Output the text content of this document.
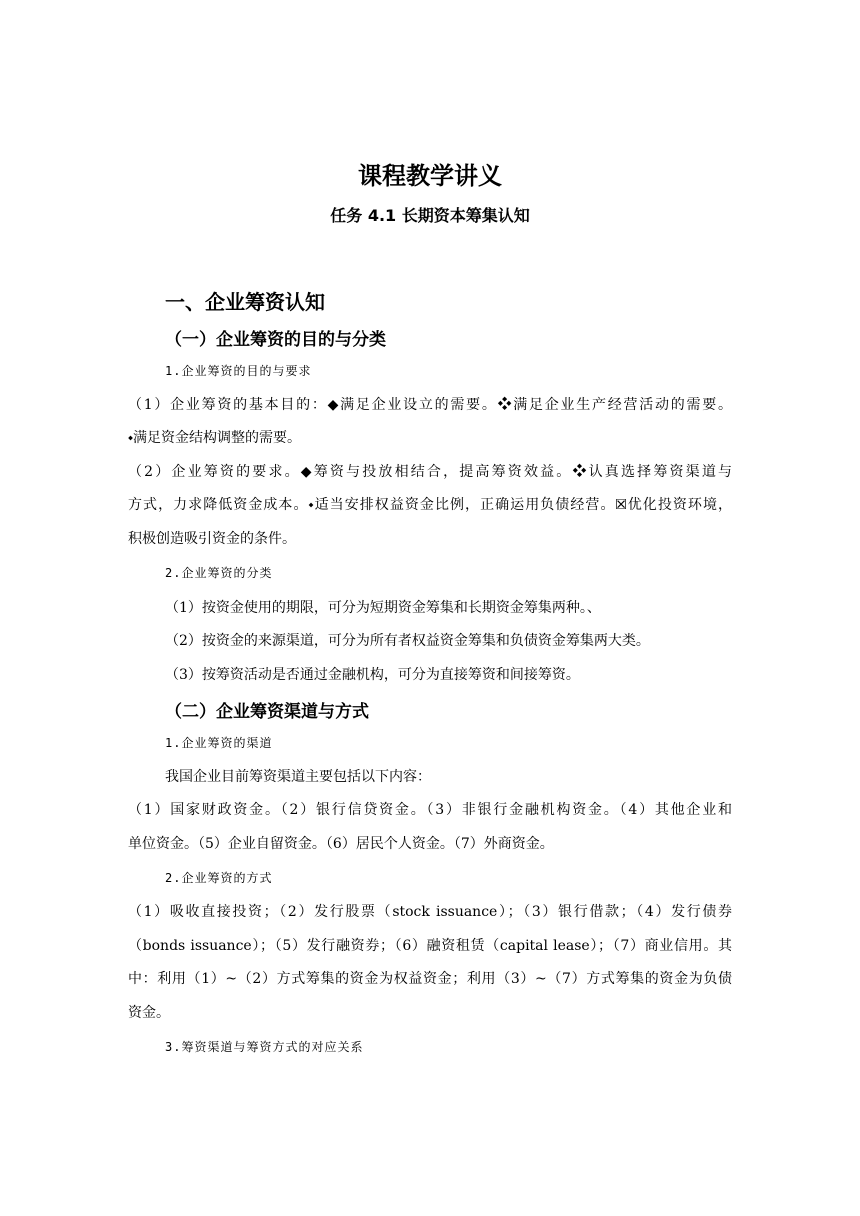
课程教学讲义
任务 4.1 长期资本筹集认知
一、企业筹资认知
（一）企业筹资的目的与分类
1.企业筹资的目的与要求
（1）企业筹资的基本目的：◆满足企业设立的需要。❖满足企业生产经营活动的需要。
⬩满足资金结构调整的需要。
（2）企业筹资的要求。◆筹资与投放相结合，提高筹资效益。❖认真选择筹资渠道与
方式，力求降低资金成本。⬩适当安排权益资金比例，正确运用负债经营。☒优化投资环境，
积极创造吸引资金的条件。
2.企业筹资的分类
（1）按资金使用的期限，可分为短期资金筹集和长期资金筹集两种。、
（2）按资金的来源渠道，可分为所有者权益资金筹集和负债资金筹集两大类。
（3）按筹资活动是否通过金融机构，可分为直接筹资和间接筹资。
（二）企业筹资渠道与方式
1.企业筹资的渠道
我国企业目前筹资渠道主要包括以下内容：
（1）国家财政资金。（2）银行信贷资金。（3）非银行金融机构资金。（4）其他企业和
单位资金。（5）企业自留资金。（6）居民个人资金。（7）外商资金。
2.企业筹资的方式
（1）吸收直接投资；（2）发行股票（stock issuance）；（3）银行借款；（4）发行债券
（bonds issuance）；（5）发行融资券；（6）融资租赁（capital lease）；（7）商业信用。其
中：利用（1）~（2）方式筹集的资金为权益资金；利用（3）~（7）方式筹集的资金为负债
资金。
3.筹资渠道与筹资方式的对应关系
